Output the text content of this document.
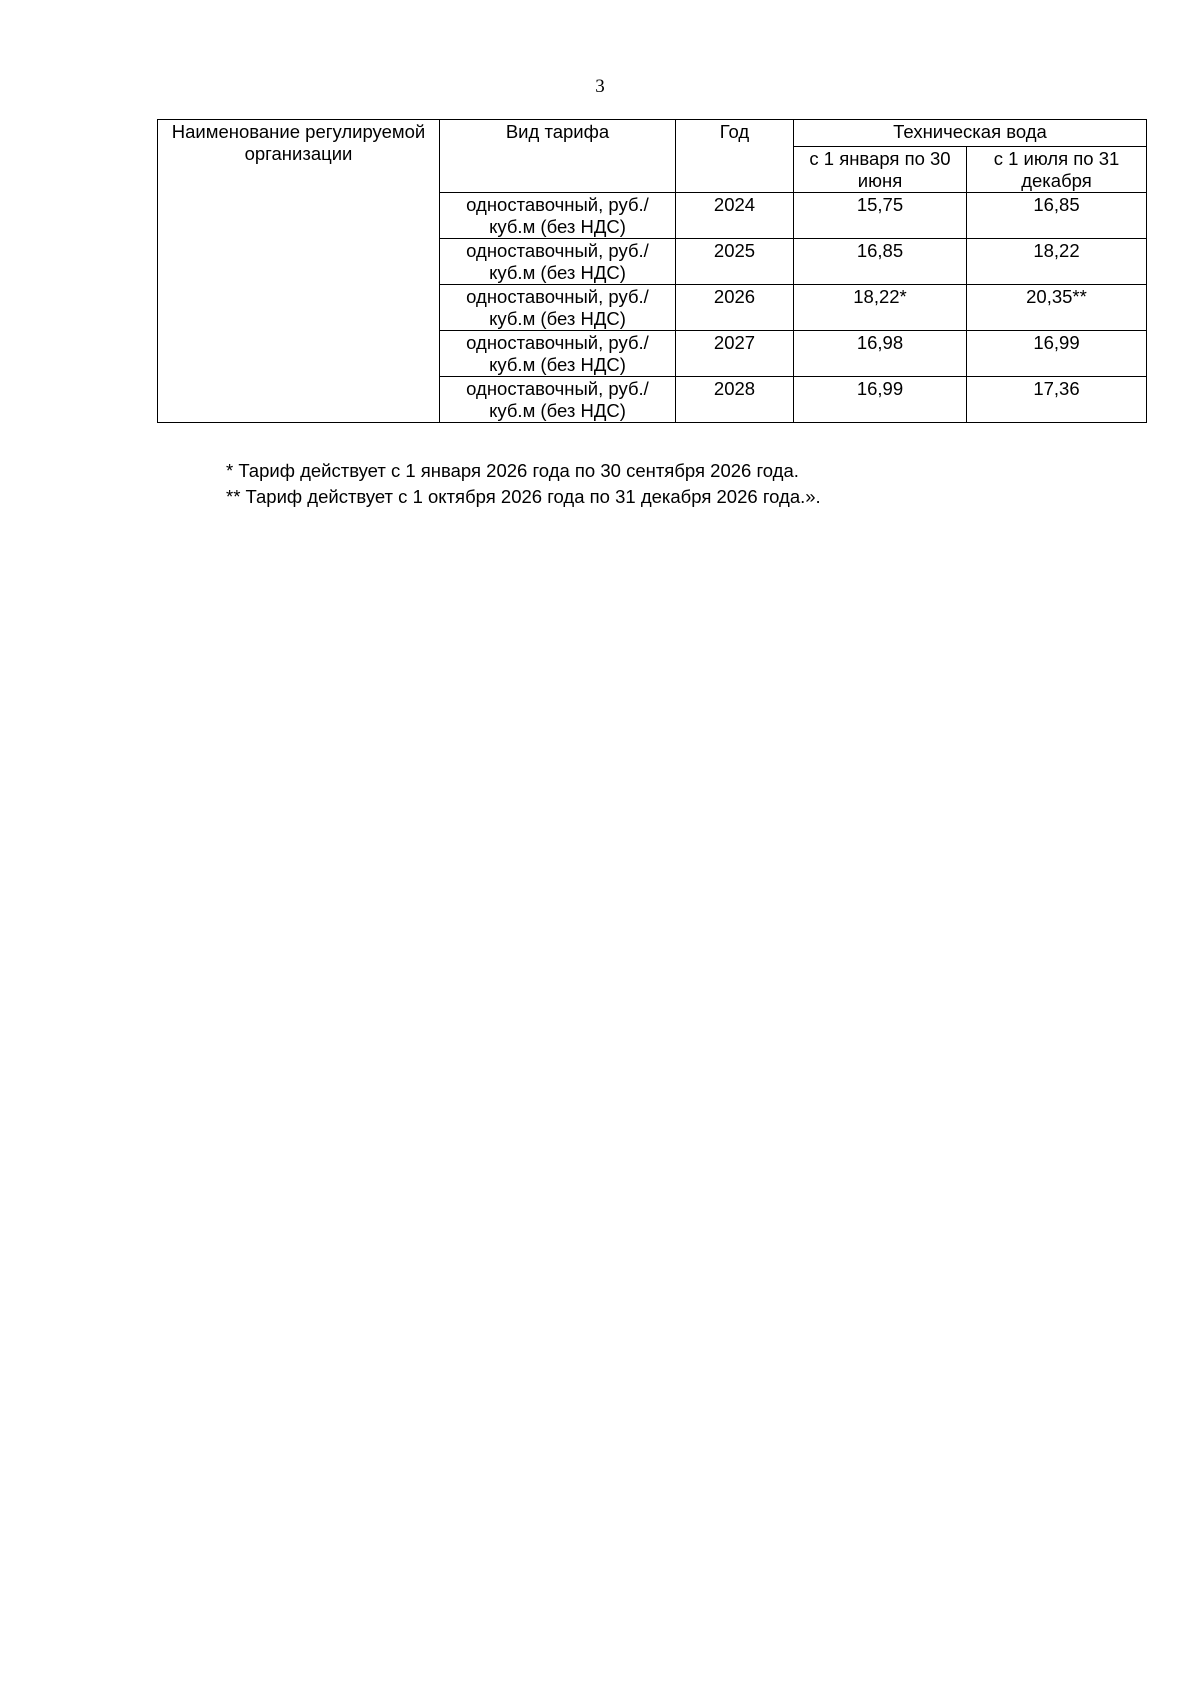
3
Наименование регулируемой организации	Вид тарифа	Год	Техническая вода	
			с 1 января по 30 июня	с 1 июля по 31 декабря
	одноставочный, руб./куб.м (без НДС)	2024	15,75	16,85
	одноставочный, руб./куб.м (без НДС)	2025	16,85	18,22
	одноставочный, руб./куб.м (без НДС)	2026	18,22*	20,35**
	одноставочный, руб./куб.м (без НДС)	2027	16,98	16,99
	одноставочный, руб./куб.м (без НДС)	2028	16,99	17,36
* Тариф действует с 1 января 2026 года по 30 сентября 2026 года.
** Тариф действует с 1 октября 2026 года по 31 декабря 2026 года.».
